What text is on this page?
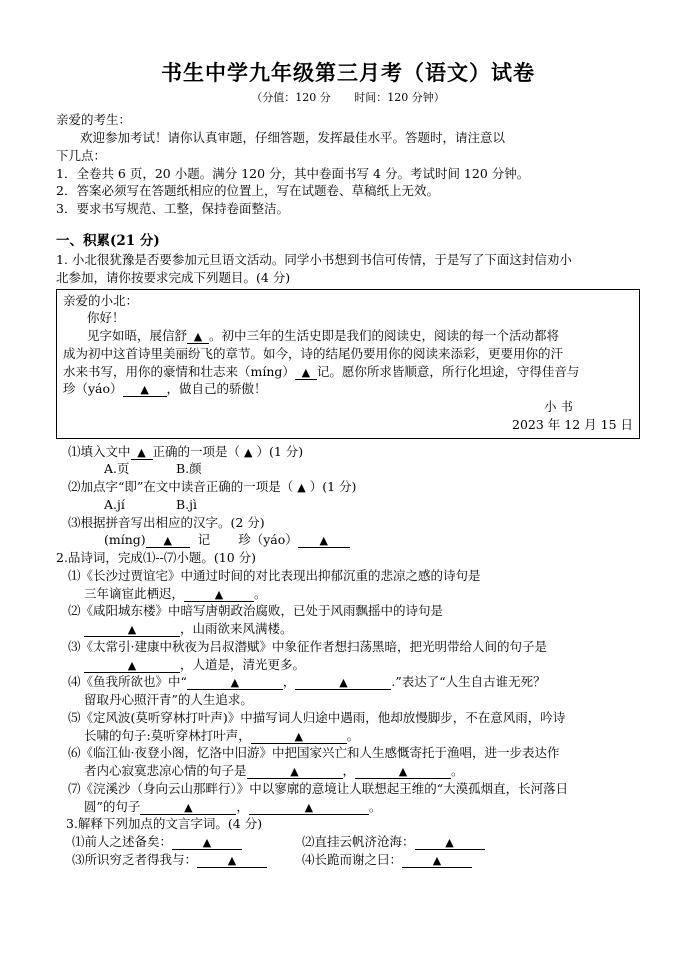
书生中学九年级第三月考（语文）试卷
（分值：120 分 时间：120 分钟）

亲爱的考生：

欢迎参加考试！请你认真审题，仔细答题，发挥最佳水平。答题时，请注意以

下几点：

1．全卷共 6 页，20 小题。满分 120 分，其中卷面书写 4 分。考试时间 120 分钟。

2．答案必须写在答题纸相应的位置上，写在试题卷、草稿纸上无效。

3．要求书写规范、工整，保持卷面整洁。

一、积累(21 分)

1. 小北很犹豫是否要参加元旦语文活动。同学小书想到书信可传情，于是写了下面这封信劝小

北参加，请你按要求完成下列题目。(4 分)

亲爱的小北：

你好！

见字如晤，展信舒 ▲ 。初中三年的生活史即是我们的阅读史，阅读的每一个活动都将

成为初中这首诗里美丽纷飞的章节。如今，诗的结尾仍要用你的阅读来添彩，更要用你的汗

水来书写，用你的豪情和壮志来（míng） ▲ 记。愿你所求皆顺意，所行化坦途，守得佳音与

珍（yáo） ▲ ，做自己的骄傲！

小 书

2023 年 12 月 15 日

⑴填入文中 ▲ 正确的一项是（ ▲ ）(1 分)

A.页	B.颜

⑵加点字“即”在文中读音正确的一项是（ ▲ ）(1 分)

A.jí	B.jì

⑶根据拼音写出相应的汉字。(2 分)

(míng) ▲ 记 珍（yáo） ▲

2.品诗词，完成⑴--⑺小题。(10 分)

⑴《长沙过贾谊宅》中通过时间的对比表现出抑郁沉重的悲凉之感的诗句是

三年谪宦此栖迟，	▲ 。

⑵《咸阳城东楼》中暗写唐朝政治腐败，已处于风雨飘摇中的诗句是

▲	，山雨欲来风满楼。

⑶《太常引·建康中秋夜为吕叔潜赋》中象征作者想扫荡黑暗，把光明带给人间的句子是

▲	，人道是，清光更多。

⑷《鱼我所欲也》中“	▲	，	▲	.”表达了“人生自古谁无死？

留取丹心照汗青”的人生追求。

⑸《定风波(莫听穿林打叶声)》中描写词人归途中遇雨，他却放慢脚步，不在意风雨，吟诗

长啸的句子:莫听穿林打叶声，	▲	。

⑹《临江仙·夜登小阁，忆洛中旧游》中把国家兴亡和人生感慨寄托于渔唱，进一步表达作

者内心寂寞悲凉心情的句子是	▲	，	▲	。

⑺《浣溪沙（身向云山那畔行）》中以寥廓的意境让人联想起王维的“大漠孤烟直，长河落日

圆”的句子	▲	，	▲	。

3.解释下列加点的文言字词。(4 分)

⑴前人之述备矣：	▲	⑵直挂云帆济沧海：	▲
⑶所识穷乏者得我与：	▲	⑷长跪而谢之曰：	▲
